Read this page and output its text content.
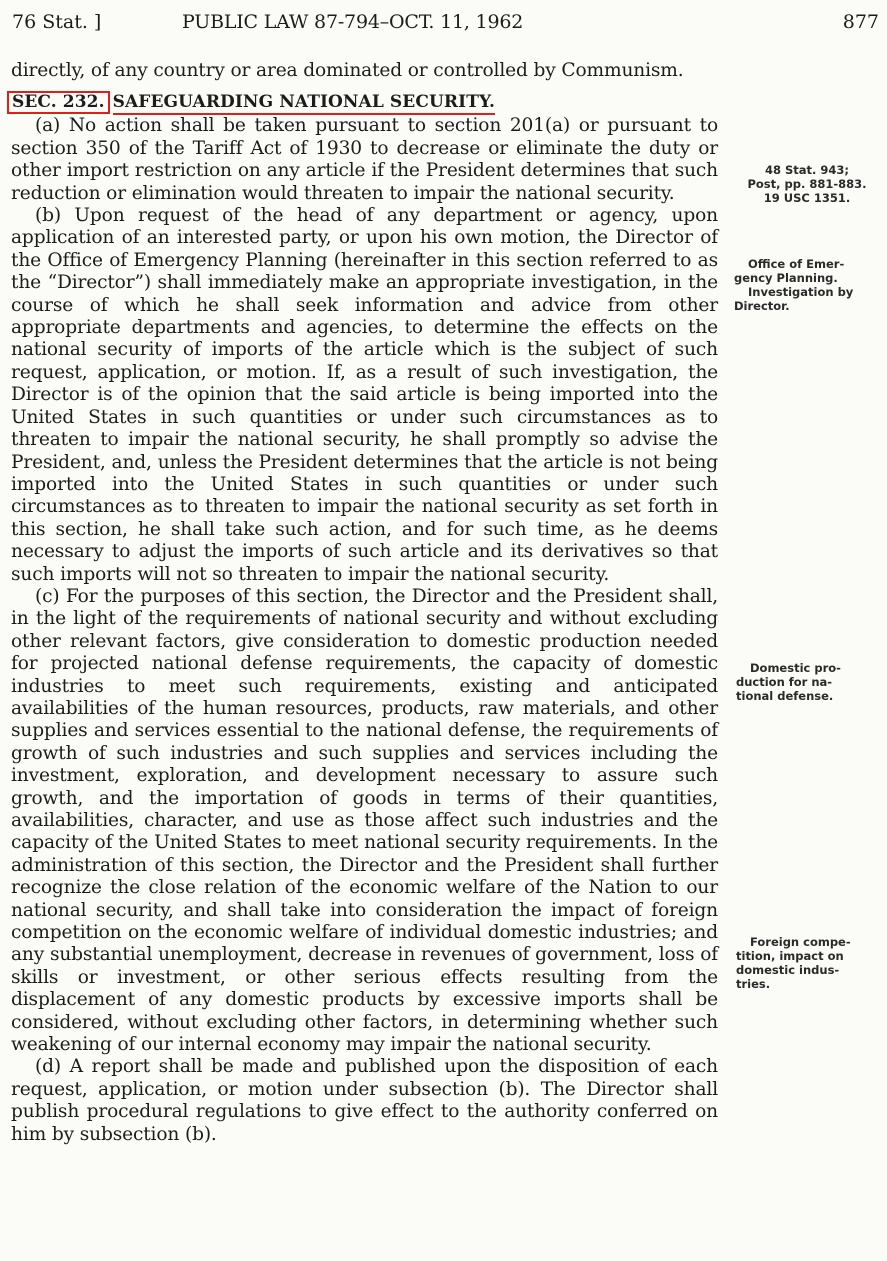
76 Stat. ]	PUBLIC LAW 87-794–OCT. 11, 1962	877

directly, of any country or area dominated or controlled by Communism.

SEC. 232. SAFEGUARDING NATIONAL SECURITY.

(a) No action shall be taken pursuant to section 201(a) or pursuant to section 350 of the Tariff Act of 1930 to decrease or eliminate the duty or other import restriction on any article if the President determines that such reduction or elimination would threaten to impair the national security.

(b) Upon request of the head of any department or agency, upon application of an interested party, or upon his own motion, the Director of the Office of Emergency Planning (hereinafter in this section referred to as the “Director”) shall immediately make an appropriate investigation, in the course of which he shall seek information and advice from other appropriate departments and agencies, to determine the effects on the national security of imports of the article which is the subject of such request, application, or motion. If, as a result of such investigation, the Director is of the opinion that the said article is being imported into the United States in such quantities or under such circumstances as to threaten to impair the national security, he shall promptly so advise the President, and, unless the President determines that the article is not being imported into the United States in such quantities or under such circumstances as to threaten to impair the national security as set forth in this section, he shall take such action, and for such time, as he deems necessary to adjust the imports of such article and its derivatives so that such imports will not so threaten to impair the national security.

(c) For the purposes of this section, the Director and the President shall, in the light of the requirements of national security and without excluding other relevant factors, give consideration to domestic production needed for projected national defense requirements, the capacity of domestic industries to meet such requirements, existing and anticipated availabilities of the human resources, products, raw materials, and other supplies and services essential to the national defense, the requirements of growth of such industries and such supplies and services including the investment, exploration, and development necessary to assure such growth, and the importation of goods in terms of their quantities, availabilities, character, and use as those affect such industries and the capacity of the United States to meet national security requirements. In the administration of this section, the Director and the President shall further recognize the close relation of the economic welfare of the Nation to our national security, and shall take into consideration the impact of foreign competition on the economic welfare of individual domestic industries; and any substantial unemployment, decrease in revenues of government, loss of skills or investment, or other serious effects resulting from the displacement of any domestic products by excessive imports shall be considered, without excluding other factors, in determining whether such weakening of our internal economy may impair the national security.

(d) A report shall be made and published upon the disposition of each request, application, or motion under subsection (b). The Director shall publish procedural regulations to give effect to the authority conferred on him by subsection (b).

48 Stat. 943;
Post, pp. 881-883.
19 USC 1351.
Office of Emer-
gency Planning.
Investigation by
Director.
Domestic pro-
duction for na-
tional defense.
Foreign compe-
tition, impact on
domestic indus-
tries.
